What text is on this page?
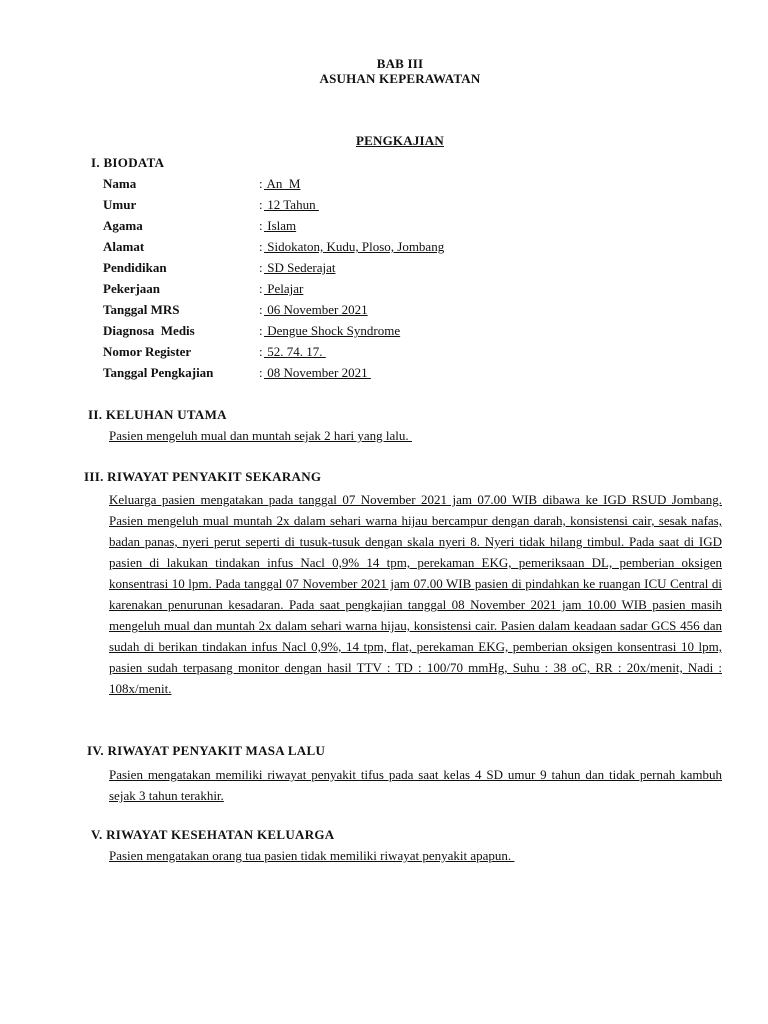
BAB III
ASUHAN KEPERAWATAN
PENGKAJIAN
I. BIODATA
Nama	: An  M
Umur	: 12 Tahun
Agama	: Islam
Alamat	: Sidokaton, Kudu, Ploso, Jombang
Pendidikan	: SD Sederajat
Pekerjaan	: Pelajar
Tanggal MRS	: 06 November 2021
Diagnosa  Medis	: Dengue Shock Syndrome
Nomor Register	: 52. 74. 17.
Tanggal Pengkajian	: 08 November 2021
II. KELUHAN UTAMA
Pasien mengeluh mual dan muntah sejak 2 hari yang lalu.
III. RIWAYAT PENYAKIT SEKARANG
Keluarga pasien mengatakan pada tanggal 07 November 2021 jam 07.00 WIB dibawa ke IGD RSUD Jombang. Pasien mengeluh mual muntah 2x dalam sehari warna hijau bercampur dengan darah, konsistensi cair, sesak nafas, badan panas, nyeri perut seperti di tusuk-tusuk dengan skala nyeri 8. Nyeri tidak hilang timbul. Pada saat di IGD pasien di lakukan tindakan infus Nacl 0,9% 14 tpm, perekaman EKG, pemeriksaan DL, pemberian oksigen konsentrasi 10 lpm. Pada tanggal 07 November 2021 jam 07.00 WIB pasien di pindahkan ke ruangan ICU Central di karenakan penurunan kesadaran. Pada saat pengkajian tanggal 08 November 2021 jam 10.00 WIB pasien masih mengeluh mual dan muntah 2x dalam sehari warna hijau, konsistensi cair. Pasien dalam keadaan sadar GCS 456 dan sudah di berikan tindakan infus Nacl 0,9%, 14 tpm, flat, perekaman EKG, pemberian oksigen konsentrasi 10 lpm, pasien sudah terpasang monitor dengan hasil TTV : TD : 100/70 mmHg, Suhu : 38 oC, RR : 20x/menit, Nadi : 108x/menit.
IV. RIWAYAT PENYAKIT MASA LALU
Pasien mengatakan memiliki riwayat penyakit tifus pada saat kelas 4 SD umur 9 tahun dan tidak pernah kambuh sejak 3 tahun terakhir.
V. RIWAYAT KESEHATAN KELUARGA
Pasien mengatakan orang tua pasien tidak memiliki riwayat penyakit apapun.
